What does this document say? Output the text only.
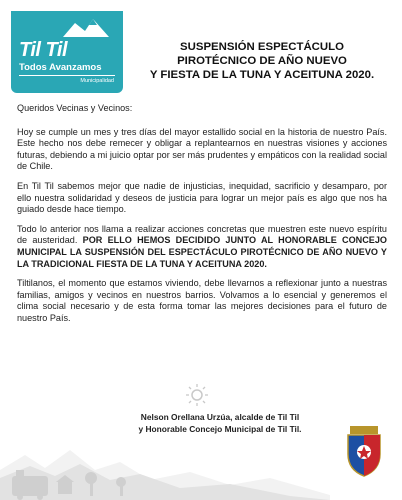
Til Til
Todos Avanzamos
Municipalidad
SUSPENSIÓN ESPECTÁCULO
PIROTÉCNICO DE AÑO NUEVO
Y FIESTA DE LA TUNA Y ACEITUNA 2020.

Queridos Vecinas y Vecinos:

Hoy se cumple un mes y tres días del mayor estallido social en la historia de nuestro País. Este hecho nos debe remecer y obligar a replantearnos en nuestras visiones y acciones futuras, debiendo a mi juicio optar por ser más prudentes y empáticos con la realidad social de Chile.

En Til Til sabemos mejor que nadie de injusticias, inequidad, sacrificio y desamparo, por ello nuestra solidaridad y deseos de justicia para lograr un mejor país es algo que nos ha guiado desde hace tiempo.

Todo lo anterior nos llama a realizar acciones concretas que muestren este nuevo espíritu de austeridad. POR ELLO HEMOS DECIDIDO JUNTO AL HONORABLE CONCEJO MUNICIPAL LA SUSPENSIÓN DEL ESPECTÁCULO PIROTÉCNICO DE AÑO NUEVO Y LA TRADICIONAL FIESTA DE LA TUNA Y ACEITUNA 2020.

Tiltilanos, el momento que estamos viviendo, debe llevarnos a reflexionar junto a nuestras familias, amigos y vecinos en nuestros barrios. Volvamos a lo esencial y generemos el clima social necesario y de esta forma tomar las mejores decisiones para el futuro de nuestro País.

Nelson Orellana Urzúa, alcalde de Til Til
y Honorable Concejo Municipal de Til Til.
